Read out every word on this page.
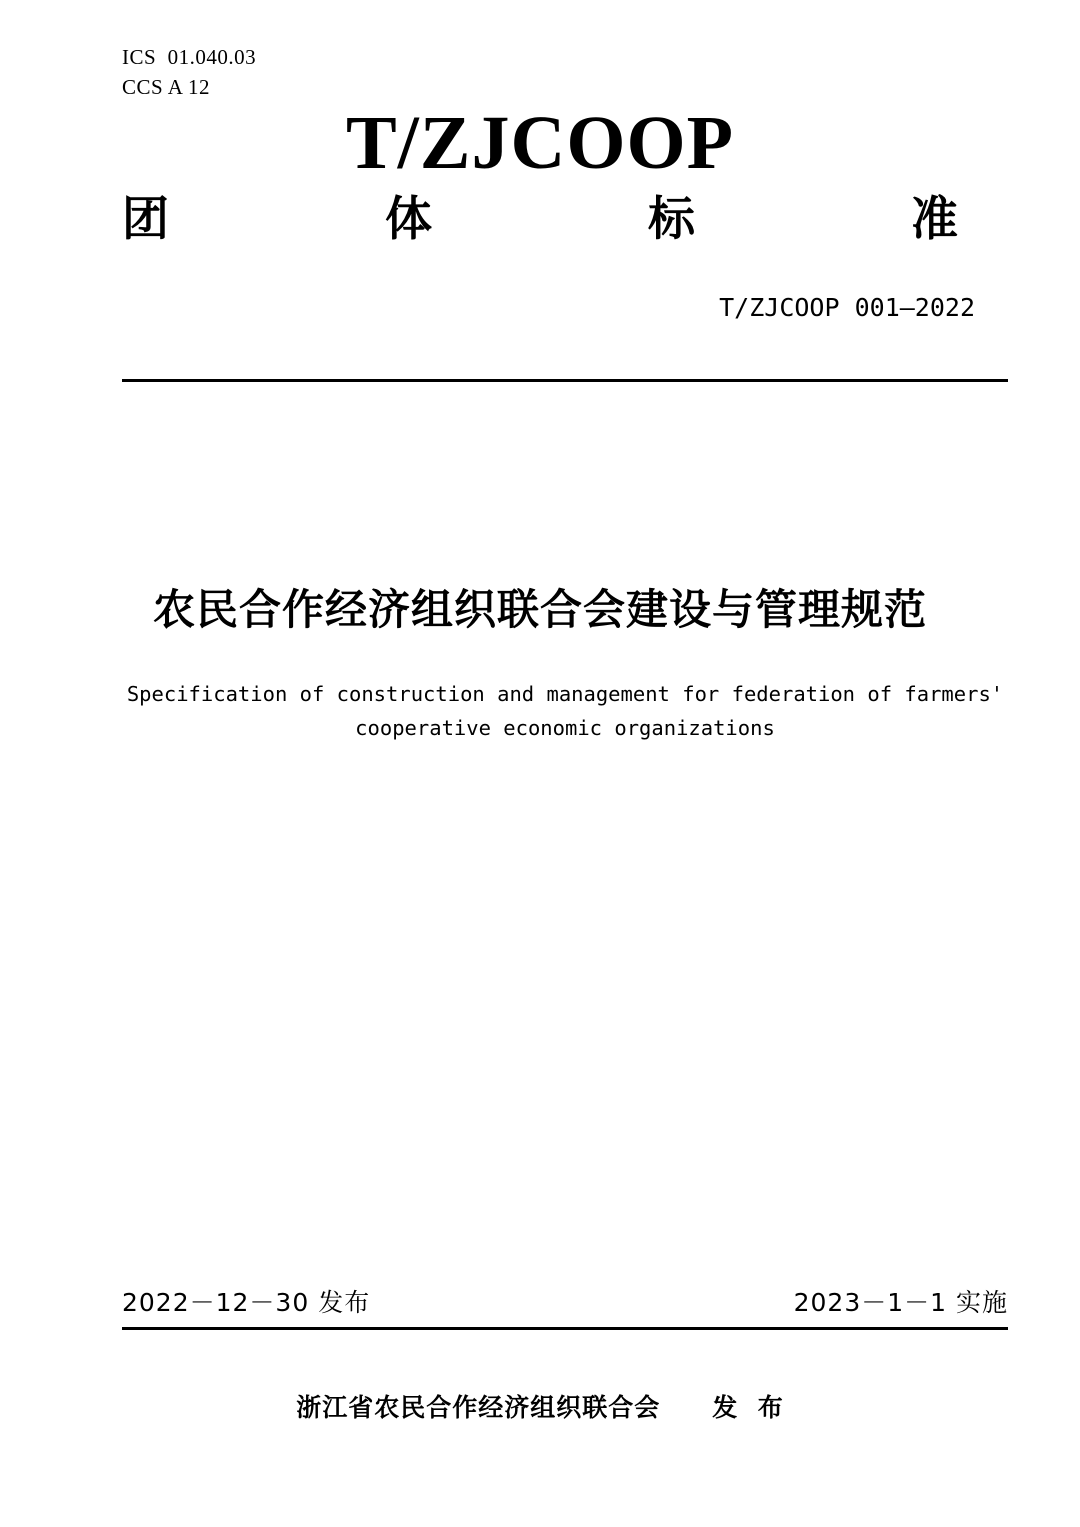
ICS  01.040.03
CCS A 12
T/ZJCOOP
团	体	标	准
T/ZJCOOP 001—2022
农民合作经济组织联合会建设与管理规范
Specification of construction and management for federation of farmers'
cooperative economic organizations
2022－12－30 发布	2023－1－1 实施
浙江省农民合作经济组织联合会　　发  布
